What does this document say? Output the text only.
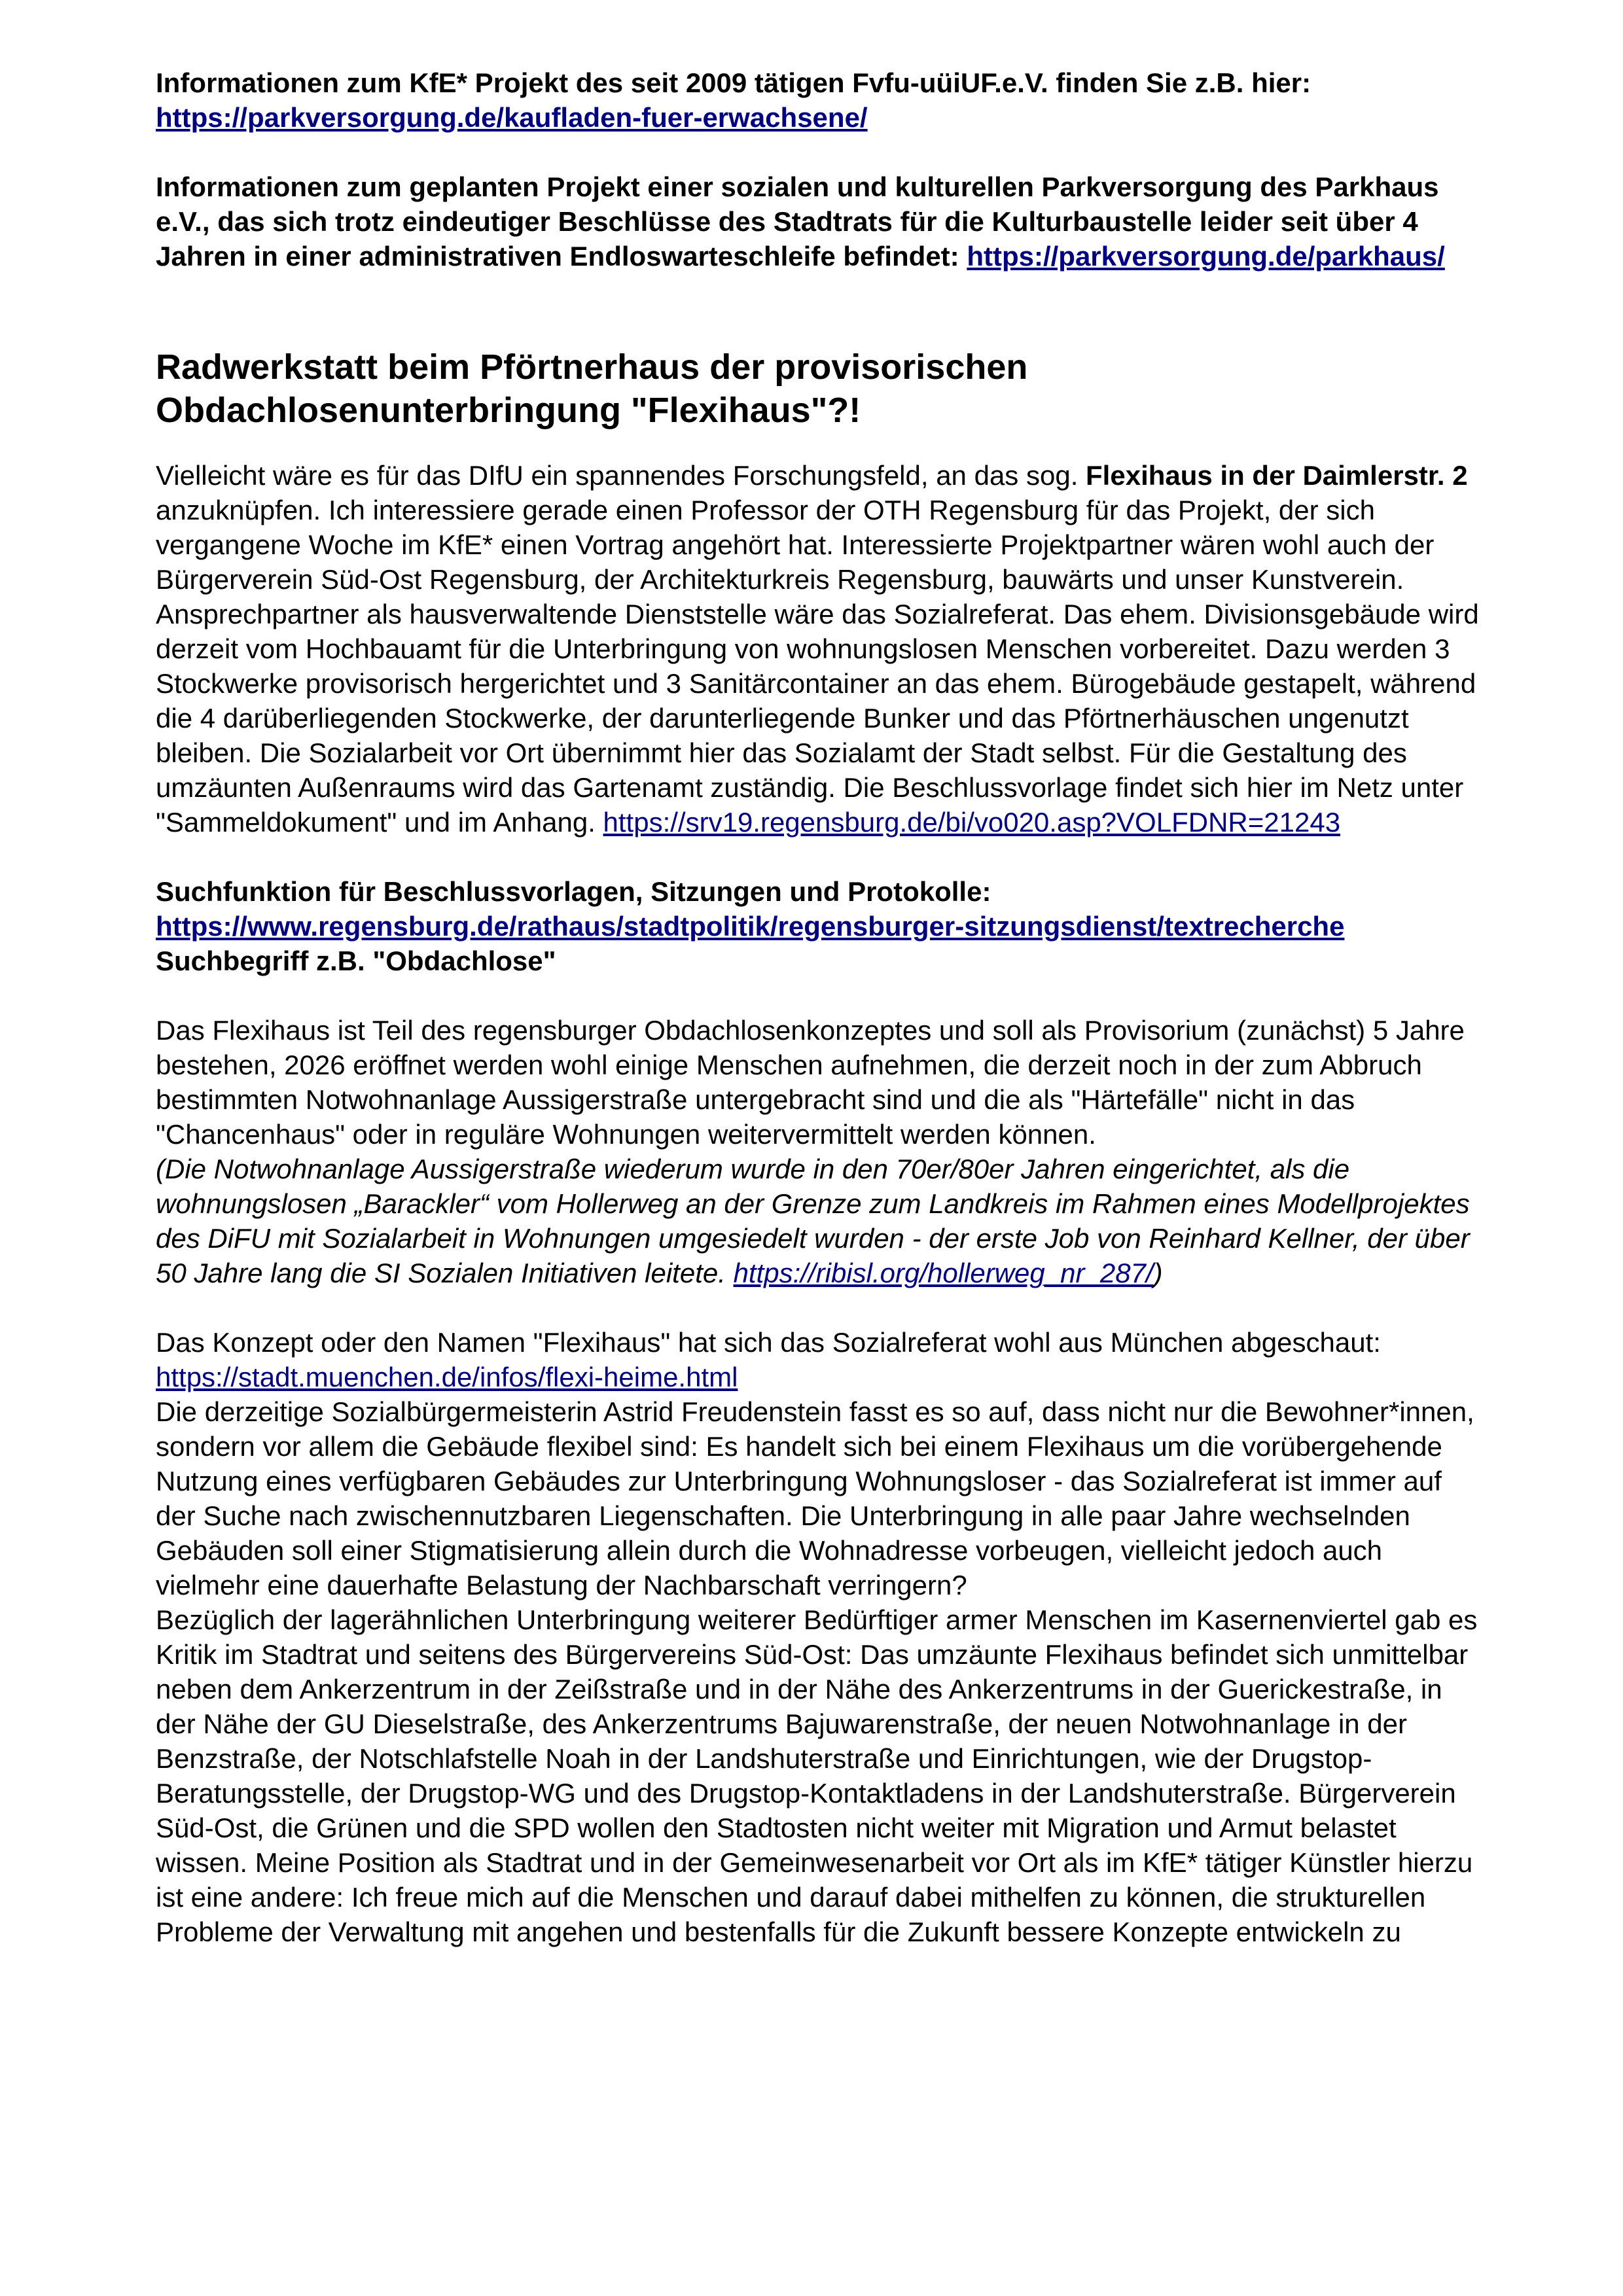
Informationen zum KfE* Projekt des seit 2009 tätigen Fvfu-uüiUF.e.V. finden Sie z.B. hier: https://parkversorgung.de/kaufladen-fuer-erwachsene/

Informationen zum geplanten Projekt einer sozialen und kulturellen Parkversorgung des Parkhaus e.V., das sich trotz eindeutiger Beschlüsse des Stadtrats für die Kulturbaustelle leider seit über 4 Jahren in einer administrativen Endloswarteschleife befindet: https://parkversorgung.de/parkhaus/

Radwerkstatt beim Pförtnerhaus der provisorischen Obdachlosenunterbringung "Flexihaus"?!

Vielleicht wäre es für das DIfU ein spannendes Forschungsfeld, an das sog. Flexihaus in der Daimlerstr. 2 anzuknüpfen. Ich interessiere gerade einen Professor der OTH Regensburg für das Projekt, der sich vergangene Woche im KfE* einen Vortrag angehört hat. Interessierte Projektpartner wären wohl auch der Bürgerverein Süd-Ost Regensburg, der Architekturkreis Regensburg, bauwärts und unser Kunstverein. Ansprechpartner als hausverwaltende Dienststelle wäre das Sozialreferat. Das ehem. Divisionsgebäude wird derzeit vom Hochbauamt für die Unterbringung von wohnungslosen Menschen vorbereitet. Dazu werden 3 Stockwerke provisorisch hergerichtet und 3 Sanitärcontainer an das ehem. Bürogebäude gestapelt, während die 4 darüberliegenden Stockwerke, der darunterliegende Bunker und das Pförtnerhäuschen ungenutzt bleiben. Die Sozialarbeit vor Ort übernimmt hier das Sozialamt der Stadt selbst. Für die Gestaltung des umzäunten Außenraums wird das Gartenamt zuständig. Die Beschlussvorlage findet sich hier im Netz unter "Sammeldokument" und im Anhang. https://srv19.regensburg.de/bi/vo020.asp?VOLFDNR=21243

Suchfunktion für Beschlussvorlagen, Sitzungen und Protokolle: https://www.regensburg.de/rathaus/stadtpolitik/regensburger-sitzungsdienst/textrecherche Suchbegriff z.B. "Obdachlose"

Das Flexihaus ist Teil des regensburger Obdachlosenkonzeptes und soll als Provisorium (zunächst) 5 Jahre bestehen, 2026 eröffnet werden wohl einige Menschen aufnehmen, die derzeit noch in der zum Abbruch bestimmten Notwohnanlage Aussigerstraße untergebracht sind und die als "Härtefälle" nicht in das "Chancenhaus" oder in reguläre Wohnungen weitervermittelt werden können.

(Die Notwohnanlage Aussigerstraße wiederum wurde in den 70er/80er Jahren eingerichtet, als die wohnungslosen „Barackler“ vom Hollerweg an der Grenze zum Landkreis im Rahmen eines Modellprojektes des DiFU mit Sozialarbeit in Wohnungen umgesiedelt wurden - der erste Job von Reinhard Kellner, der über 50 Jahre lang die SI Sozialen Initiativen leitete. https://ribisl.org/hollerweg_nr_287/)

Das Konzept oder den Namen "Flexihaus" hat sich das Sozialreferat wohl aus München abgeschaut: https://stadt.muenchen.de/infos/flexi-heime.html

Die derzeitige Sozialbürgermeisterin Astrid Freudenstein fasst es so auf, dass nicht nur die Bewohner*innen, sondern vor allem die Gebäude flexibel sind: Es handelt sich bei einem Flexihaus um die vorübergehende Nutzung eines verfügbaren Gebäudes zur Unterbringung Wohnungsloser - das Sozialreferat ist immer auf der Suche nach zwischennutzbaren Liegenschaften. Die Unterbringung in alle paar Jahre wechselnden Gebäuden soll einer Stigmatisierung allein durch die Wohnadresse vorbeugen, vielleicht jedoch auch vielmehr eine dauerhafte Belastung der Nachbarschaft verringern?

Bezüglich der lagerähnlichen Unterbringung weiterer Bedürftiger armer Menschen im Kasernenviertel gab es Kritik im Stadtrat und seitens des Bürgervereins Süd-Ost: Das umzäunte Flexihaus befindet sich unmittelbar neben dem Ankerzentrum in der Zeißstraße und in der Nähe des Ankerzentrums in der Guerickestraße, in der Nähe der GU Dieselstraße, des Ankerzentrums Bajuwarenstraße, der neuen Notwohnanlage in der Benzstraße, der Notschlafstelle Noah in der Landshuterstraße und Einrichtungen, wie der Drugstop-Beratungsstelle, der Drugstop-WG und des Drugstop-Kontaktladens in der Landshuterstraße. Bürgerverein Süd-Ost, die Grünen und die SPD wollen den Stadtosten nicht weiter mit Migration und Armut belastet wissen. Meine Position als Stadtrat und in der Gemeinwesenarbeit vor Ort als im KfE* tätiger Künstler hierzu ist eine andere: Ich freue mich auf die Menschen und darauf dabei mithelfen zu können, die strukturellen Probleme der Verwaltung mit angehen und bestenfalls für die Zukunft bessere Konzepte entwickeln zu
